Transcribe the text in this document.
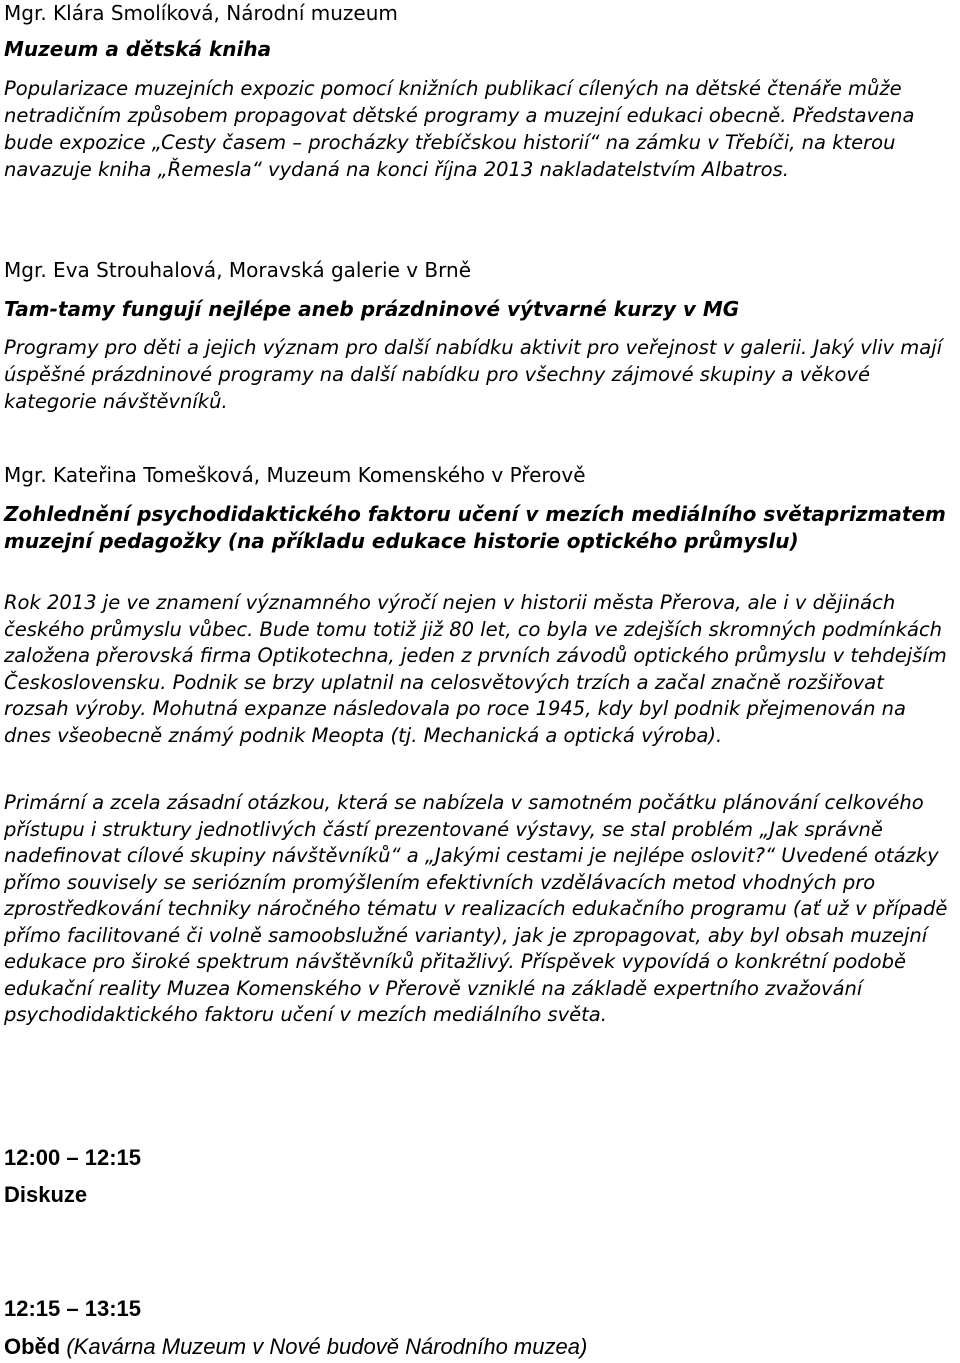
Mgr. Klára Smolíková, Národní muzeum
Muzeum a dětská kniha

Popularizace muzejních expozic pomocí knižních publikací cílených na dětské čtenáře může netradičním způsobem propagovat dětské programy a muzejní edukaci obecně. Představena bude expozice „Cesty časem – procházky třebíčskou historií“ na zámku v Třebíči, na kterou navazuje kniha „Řemesla“ vydaná na konci října 2013 nakladatelstvím Albatros.

Mgr. Eva Strouhalová, Moravská galerie v Brně
Tam-tamy fungují nejlépe aneb prázdninové výtvarné kurzy v MG

Programy pro děti a jejich význam pro další nabídku aktivit pro veřejnost v galerii. Jaký vliv mají úspěšné prázdninové programy na další nabídku pro všechny zájmové skupiny a věkové kategorie návštěvníků.

Mgr. Kateřina Tomešková, Muzeum Komenského v Přerově
Zohlednění psychodidaktického faktoru učení v mezích mediálního světaprizmatem muzejní pedagožky (na příkladu edukace historie optického průmyslu)

Rok 2013 je ve znamení významného výročí nejen v historii města Přerova, ale i v dějinách českého průmyslu vůbec. Bude tomu totiž již 80 let, co byla ve zdejších skromných podmínkách založena přerovská firma Optikotechna, jeden z prvních závodů optického průmyslu v tehdejším Československu. Podnik se brzy uplatnil na celosvětových trzích a začal značně rozšiřovat rozsah výroby. Mohutná expanze následovala po roce 1945, kdy byl podnik přejmenován na dnes všeobecně známý podnik Meopta (tj. Mechanická a optická výroba).

Primární a zcela zásadní otázkou, která se nabízela v samotném počátku plánování celkového přístupu i struktury jednotlivých částí prezentované výstavy, se stal problém „Jak správně nadefinovat cílové skupiny návštěvníků“ a „Jakými cestami je nejlépe oslovit?“ Uvedené otázky přímo souvisely se seriózním promýšlením efektivních vzdělávacích metod vhodných pro zprostředkování techniky náročného tématu v realizacích edukačního programu (ať už v případě přímo facilitované či volně samoobslužné varianty), jak je zpropagovat, aby byl obsah muzejní edukace pro široké spektrum návštěvníků přitažlivý. Příspěvek vypovídá o konkrétní podobě edukační reality Muzea Komenského v Přerově vzniklé na základě expertního zvažování psychodidaktického faktoru učení v mezích mediálního světa.

12:00 – 12:15
Diskuze
12:15 – 13:15
Oběd (Kavárna Muzeum v Nové budově Národního muzea)
